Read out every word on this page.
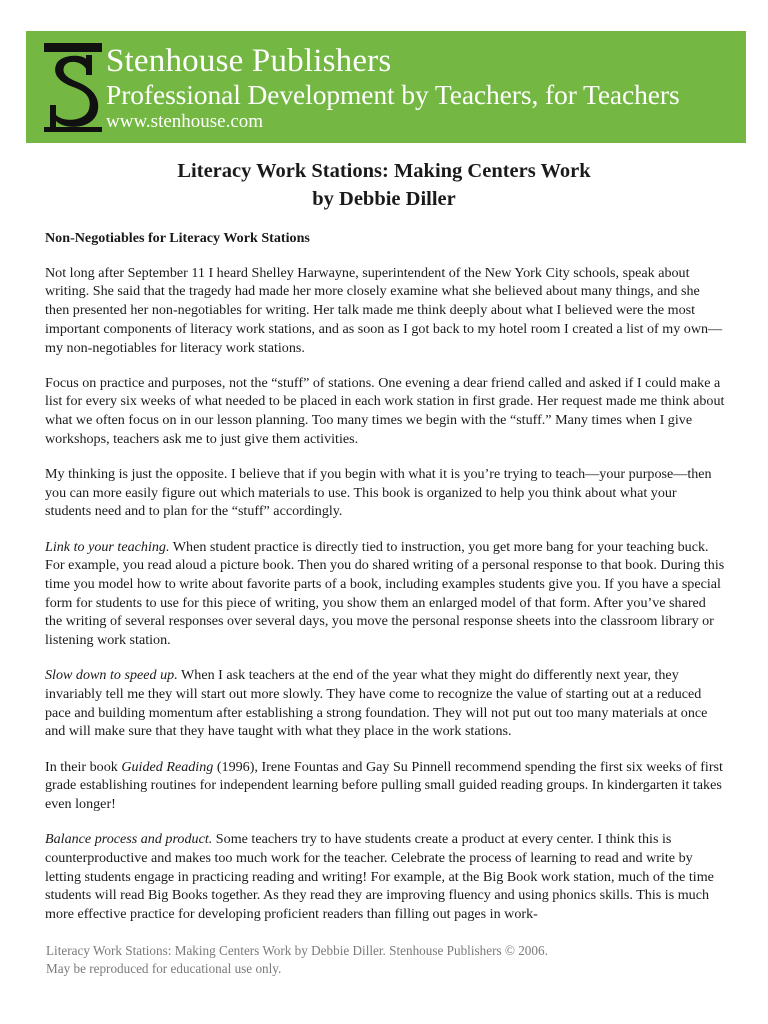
Stenhouse Publishers
Professional Development by Teachers, for Teachers
www.stenhouse.com
Literacy Work Stations: Making Centers Work
by Debbie Diller
Non-Negotiables for Literacy Work Stations

Not long after September 11 I heard Shelley Harwayne, superintendent of the New York City schools, speak about writing. She said that the tragedy had made her more closely examine what she believed about many things, and she then presented her non-negotiables for writing. Her talk made me think deeply about what I believed were the most important components of literacy work stations, and as soon as I got back to my hotel room I created a list of my own—my non-negotiables for literacy work stations.

Focus on practice and purposes, not the “stuff” of stations. One evening a dear friend called and asked if I could make a list for every six weeks of what needed to be placed in each work station in first grade. Her request made me think about what we often focus on in our lesson planning. Too many times we begin with the “stuff.” Many times when I give workshops, teachers ask me to just give them activities.

My thinking is just the opposite. I believe that if you begin with what it is you’re trying to teach—your purpose—then you can more easily figure out which materials to use. This book is organized to help you think about what your students need and to plan for the “stuff” accordingly.

Link to your teaching. When student practice is directly tied to instruction, you get more bang for your teaching buck. For example, you read aloud a picture book. Then you do shared writing of a personal response to that book. During this time you model how to write about favorite parts of a book, including examples students give you. If you have a special form for students to use for this piece of writing, you show them an enlarged model of that form. After you’ve shared the writing of several responses over several days, you move the personal response sheets into the classroom library or listening work station.

Slow down to speed up. When I ask teachers at the end of the year what they might do differently next year, they invariably tell me they will start out more slowly. They have come to recognize the value of starting out at a reduced pace and building momentum after establishing a strong foundation. They will not put out too many materials at once and will make sure that they have taught with what they place in the work stations.

In their book Guided Reading (1996), Irene Fountas and Gay Su Pinnell recommend spending the first six weeks of first grade establishing routines for independent learning before pulling small guided reading groups. In kindergarten it takes even longer!

Balance process and product. Some teachers try to have students create a product at every center. I think this is counterproductive and makes too much work for the teacher. Celebrate the process of learning to read and write by letting students engage in practicing reading and writing! For example, at the Big Book work station, much of the time students will read Big Books together. As they read they are improving fluency and using phonics skills. This is much more effective practice for developing proficient readers than filling out pages in work-

Literacy Work Stations: Making Centers Work by Debbie Diller. Stenhouse Publishers © 2006.
May be reproduced for educational use only.
